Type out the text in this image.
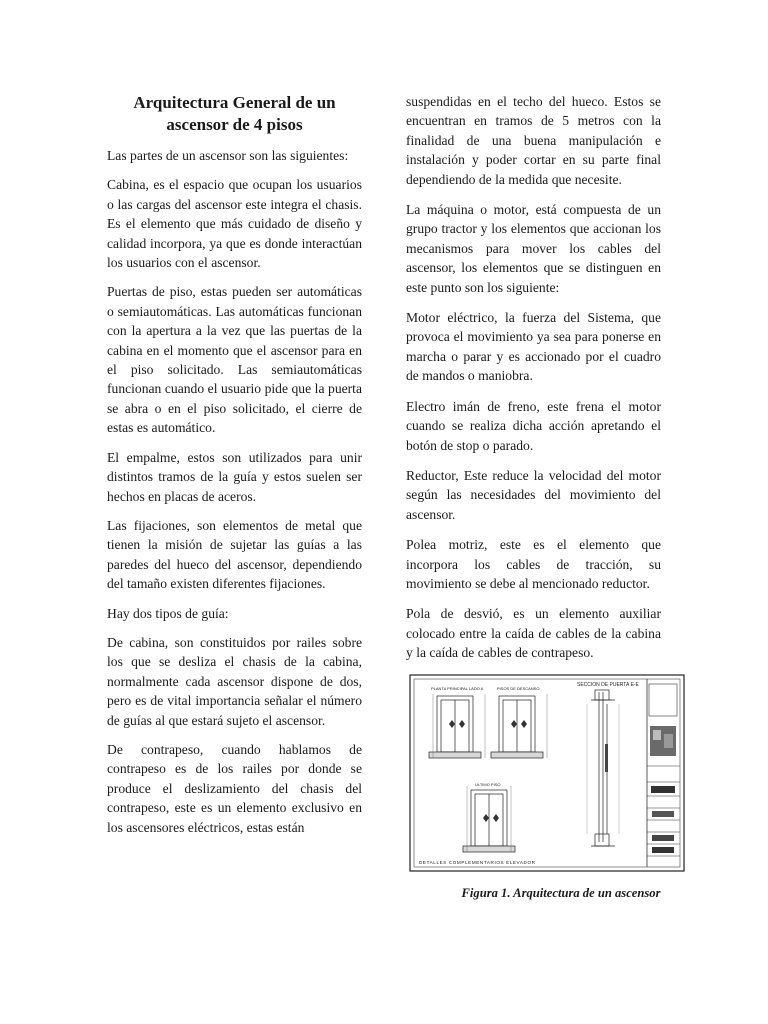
Arquitectura General de un ascensor de 4 pisos

Las partes de un ascensor son las siguientes:

Cabina, es el espacio que ocupan los usuarios o las cargas del ascensor este integra el chasis. Es el elemento que más cuidado de diseño y calidad incorpora, ya que es donde interactúan los usuarios con el ascensor.

Puertas de piso, estas pueden ser automáticas o semiautomáticas. Las automáticas funcionan con la apertura a la vez que las puertas de la cabina en el momento que el ascensor para en el piso solicitado. Las semiautomáticas funcionan cuando el usuario pide que la puerta se abra o en el piso solicitado, el cierre de estas es automático.

El empalme, estos son utilizados para unir distintos tramos de la guía y estos suelen ser hechos en placas de aceros.

Las fijaciones, son elementos de metal que tienen la misión de sujetar las guías a las paredes del hueco del ascensor, dependiendo del tamaño existen diferentes fijaciones.

Hay dos tipos de guía:

De cabina, son constituidos por railes sobre los que se desliza el chasis de la cabina, normalmente cada ascensor dispone de dos, pero es de vital importancia señalar el número de guías al que estará sujeto el ascensor.

De contrapeso, cuando hablamos de contrapeso es de los railes por donde se produce el deslizamiento del chasis del contrapeso, este es un elemento exclusivo en los ascensores eléctricos, estas están

suspendidas en el techo del hueco. Estos se encuentran en tramos de 5 metros con la finalidad de una buena manipulación e instalación y poder cortar en su parte final dependiendo de la medida que necesite.

La máquina o motor, está compuesta de un grupo tractor y los elementos que accionan los mecanismos para mover los cables del ascensor, los elementos que se distinguen en este punto son los siguiente:

Motor eléctrico, la fuerza del Sistema, que provoca el movimiento ya sea para ponerse en marcha o parar y es accionado por el cuadro de mandos o maniobra.

Electro imán de freno, este frena el motor cuando se realiza dicha acción apretando el botón de stop o parado.

Reductor, Este reduce la velocidad del motor según las necesidades del movimiento del ascensor.

Polea motriz, este es el elemento que incorpora los cables de tracción, su movimiento se debe al mencionado reductor.

Pola de desvió, es un elemento auxiliar colocado entre la caída de cables de la cabina y la caída de cables de contrapeso.

PLANTA PRINCIPAL LADO A	PISOS DE DESCANSO
SECCION DE PUERTA E-E
ULTIMO PISO
DETALLES COMPLEMENTARIOS ELEVADOR
Figura 1. Arquitectura de un ascensor
